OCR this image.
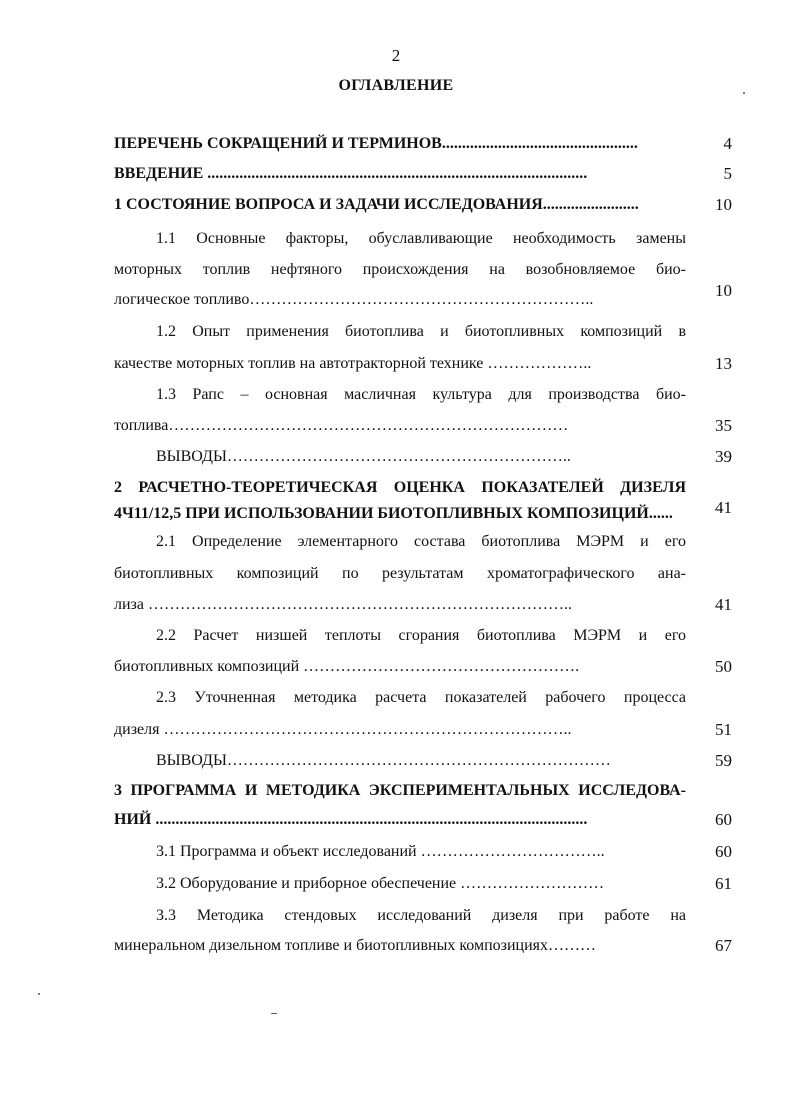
2
ОГЛАВЛЕНИЕ
ПЕРЕЧЕНЬ СОКРАЩЕНИЙ И ТЕРМИНОВ.................................................	4
ВВЕДЕНИЕ ...............................................................................................	5
1 СОСТОЯНИЕ ВОПРОСА И ЗАДАЧИ ИССЛЕДОВАНИЯ........................	10
1.1 Основные факторы, обуславливающие необходимость замены
моторных топлив нефтяного происхождения на возобновляемое био-
логическое топливо………………………………………………………..	10
1.2 Опыт применения биотоплива и биотопливных композиций в
качестве моторных топлив на автотракторной технике ………………..	13
1.3 Рапс – основная масличная культура для производства био-
топлива…………………………………………………………………	35
ВЫВОДЫ………………………………………………………..	39
2 РАСЧЕТНО-ТЕОРЕТИЧЕСКАЯ ОЦЕНКА ПОКАЗАТЕЛЕЙ ДИЗЕЛЯ
4Ч11/12,5 ПРИ ИСПОЛЬЗОВАНИИ БИОТОПЛИВНЫХ КОМПОЗИЦИЙ......	41
2.1 Определение элементарного состава биотоплива МЭРМ и его
биотопливных композиций по результатам хроматографического ана-
лиза ……………………………………………………………………..	41
2.2 Расчет низшей теплоты сгорания биотоплива МЭРМ и его
биотопливных композиций …………………………………………….	50
2.3 Уточненная методика расчета показателей рабочего процесса
дизеля …………………………………………………………………..	51
ВЫВОДЫ………………………………………………………………	59
3 ПРОГРАММА И МЕТОДИКА ЭКСПЕРИМЕНТАЛЬНЫХ ИССЛЕДОВА-
НИЙ ............................................................................................................	60
3.1 Программа и объект исследований ……………………………..	60
3.2 Оборудование и приборное обеспечение ………………………	61
3.3 Методика стендовых исследований дизеля при работе на
минеральном дизельном топливе и биотопливных композициях………	67
